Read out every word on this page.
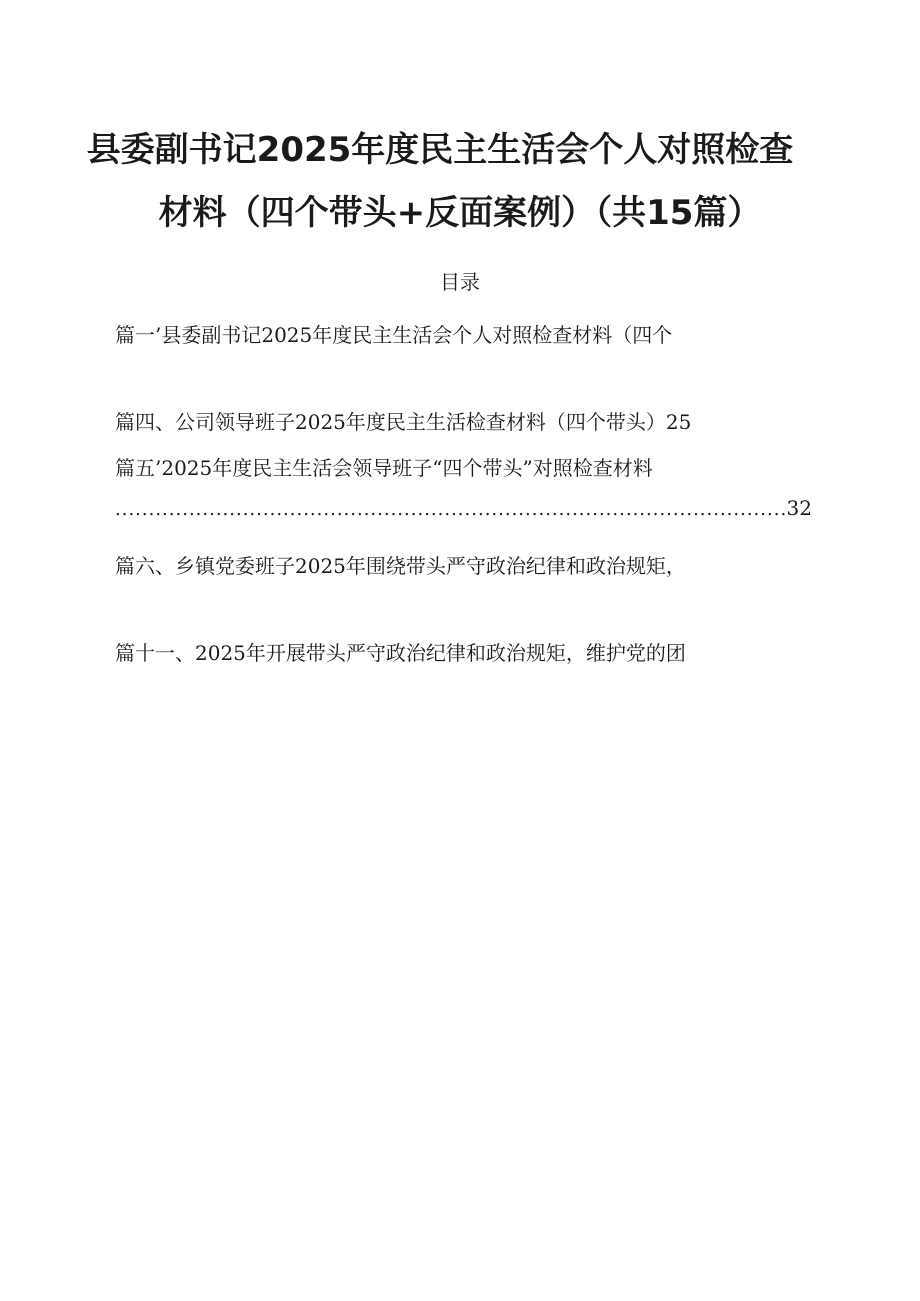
县委副书记2025年度民主生活会个人对照检查
材料（四个带头+反面案例）（共15篇）
目录
篇一’县委副书记2025年度民主生活会个人对照检查材料（四个
篇四、公司领导班子2025年度民主生活检查材料（四个带头）25
篇五’2025年度民主生活会领导班子“四个带头”对照检查材料
.....
32
篇六、乡镇党委班子2025年围绕带头严守政治纪律和政治规矩，
篇十一、2025年开展带头严守政治纪律和政治规矩，维护党的团
